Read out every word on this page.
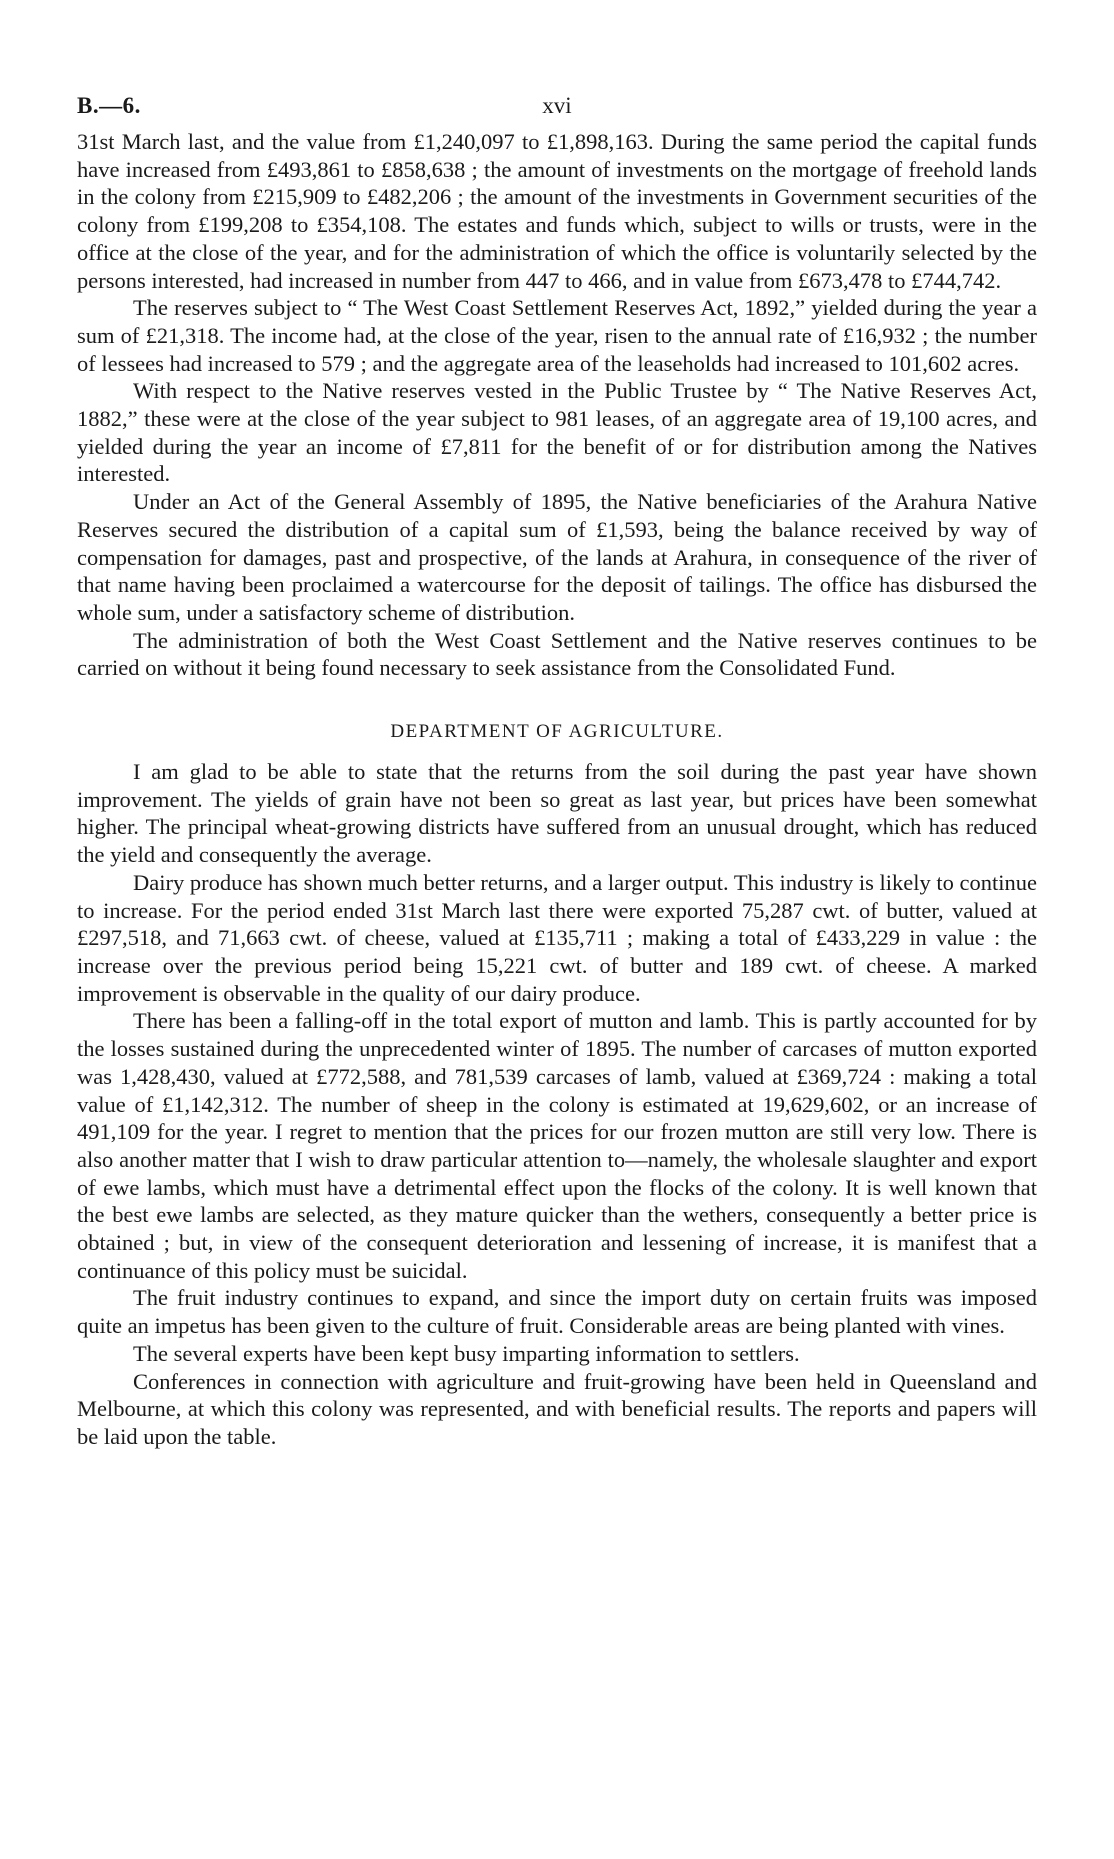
B.—6.	xvi

31st March last, and the value from £1,240,097 to £1,898,163. During the same period the capital funds have increased from £493,861 to £858,638 ; the amount of investments on the mortgage of freehold lands in the colony from £215,909 to £482,206 ; the amount of the investments in Government securities of the colony from £199,208 to £354,108. The estates and funds which, subject to wills or trusts, were in the office at the close of the year, and for the administration of which the office is voluntarily selected by the persons interested, had increased in number from 447 to 466, and in value from £673,478 to £744,742.

The reserves subject to “ The West Coast Settlement Reserves Act, 1892,” yielded during the year a sum of £21,318. The income had, at the close of the year, risen to the annual rate of £16,932 ; the number of lessees had increased to 579 ; and the aggregate area of the leaseholds had increased to 101,602 acres.

With respect to the Native reserves vested in the Public Trustee by “ The Native Reserves Act, 1882,” these were at the close of the year subject to 981 leases, of an aggregate area of 19,100 acres, and yielded during the year an income of £7,811 for the benefit of or for distribution among the Natives interested.

Under an Act of the General Assembly of 1895, the Native beneficiaries of the Arahura Native Reserves secured the distribution of a capital sum of £1,593, being the balance received by way of compensation for damages, past and prospective, of the lands at Arahura, in consequence of the river of that name having been proclaimed a watercourse for the deposit of tailings. The office has disbursed the whole sum, under a satisfactory scheme of distribution.

The administration of both the West Coast Settlement and the Native reserves continues to be carried on without it being found necessary to seek assistance from the Consolidated Fund.

DEPARTMENT OF AGRICULTURE.

I am glad to be able to state that the returns from the soil during the past year have shown improvement. The yields of grain have not been so great as last year, but prices have been somewhat higher. The principal wheat-growing districts have suffered from an unusual drought, which has reduced the yield and consequently the average.

Dairy produce has shown much better returns, and a larger output. This industry is likely to continue to increase. For the period ended 31st March last there were exported 75,287 cwt. of butter, valued at £297,518, and 71,663 cwt. of cheese, valued at £135,711 ; making a total of £433,229 in value : the increase over the previous period being 15,221 cwt. of butter and 189 cwt. of cheese. A marked improvement is observable in the quality of our dairy produce.

There has been a falling-off in the total export of mutton and lamb. This is partly accounted for by the losses sustained during the unprecedented winter of 1895. The number of carcases of mutton exported was 1,428,430, valued at £772,588, and 781,539 carcases of lamb, valued at £369,724 : making a total value of £1,142,312. The number of sheep in the colony is estimated at 19,629,602, or an increase of 491,109 for the year. I regret to mention that the prices for our frozen mutton are still very low. There is also another matter that I wish to draw particular attention to—namely, the wholesale slaughter and export of ewe lambs, which must have a detrimental effect upon the flocks of the colony. It is well known that the best ewe lambs are selected, as they mature quicker than the wethers, consequently a better price is obtained ; but, in view of the consequent deterioration and lessening of increase, it is manifest that a continuance of this policy must be suicidal.

The fruit industry continues to expand, and since the import duty on certain fruits was imposed quite an impetus has been given to the culture of fruit. Considerable areas are being planted with vines.

The several experts have been kept busy imparting information to settlers.

Conferences in connection with agriculture and fruit-growing have been held in Queensland and Melbourne, at which this colony was represented, and with beneficial results. The reports and papers will be laid upon the table.
